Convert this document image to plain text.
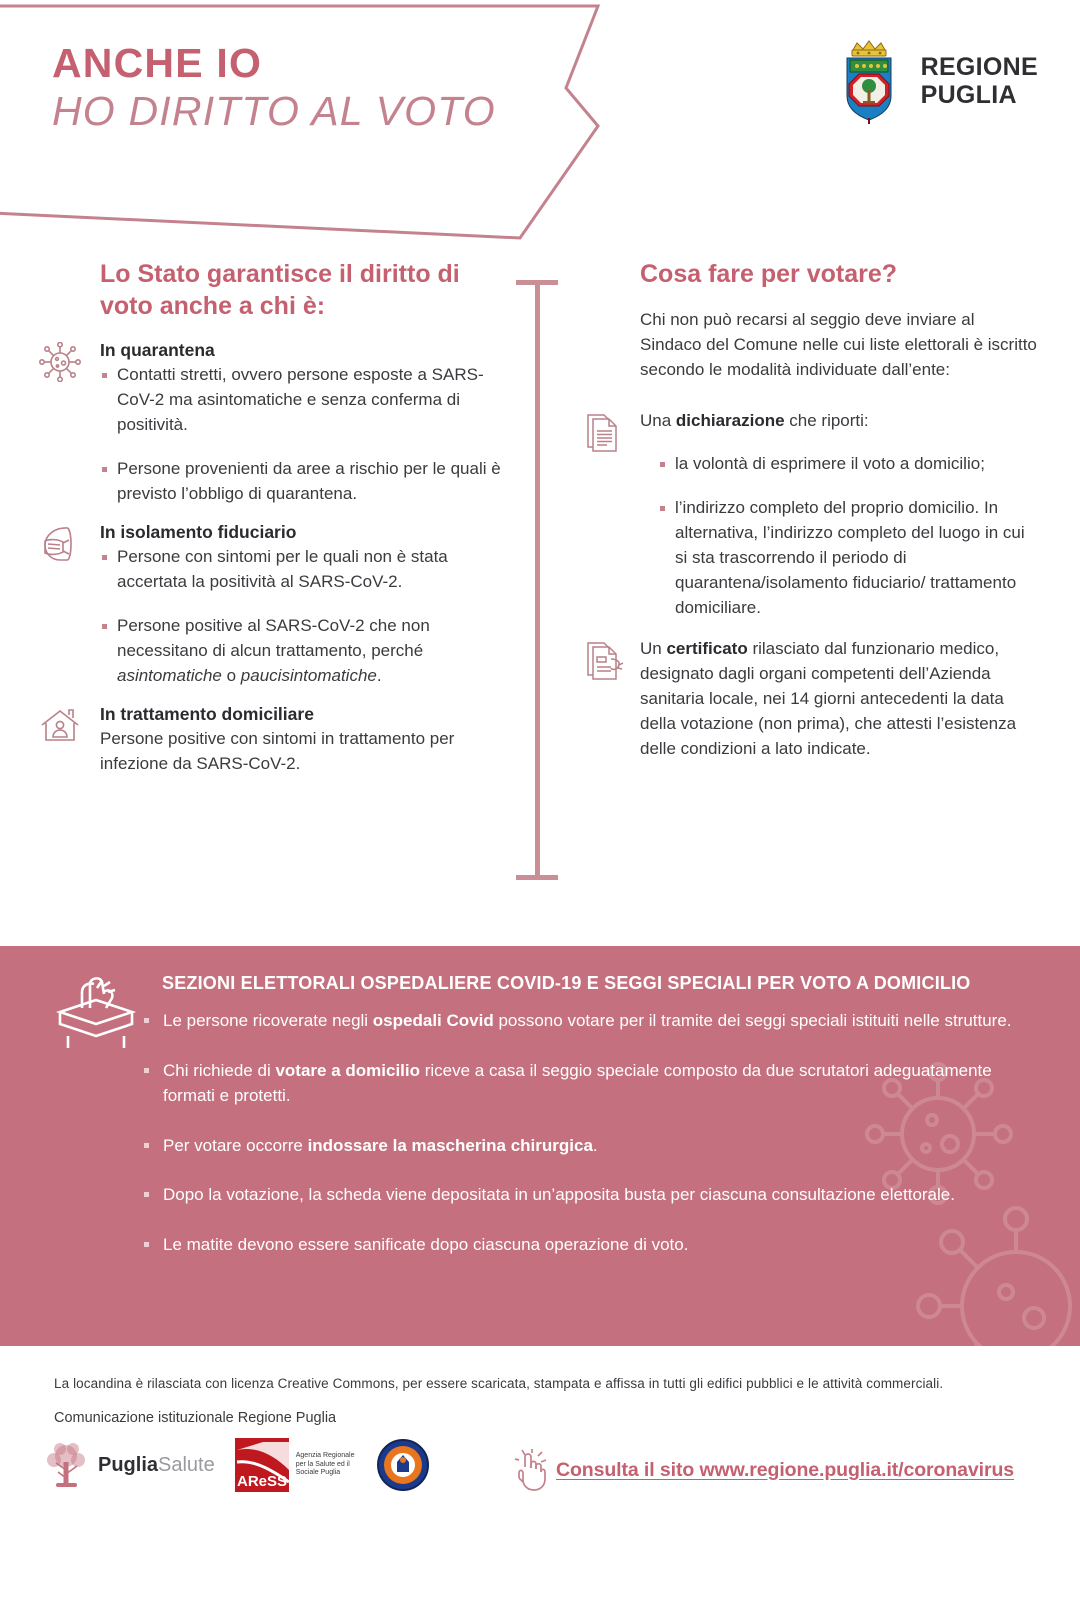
ANCHE IO
HO DIRITTO AL VOTO
REGIONE
PUGLIA
Lo Stato garantisce il diritto di voto anche a chi è:
In quarantena
Contatti stretti, ovvero persone esposte a SARS-CoV-2 ma asintomatiche e senza conferma di positività.
Persone provenienti da aree a rischio per le quali è previsto l’obbligo di quarantena.
In isolamento fiduciario
Persone con sintomi per le quali non è stata accertata la positività al SARS-CoV-2.
Persone positive al SARS-CoV-2 che non necessitano di alcun trattamento, perché asintomatiche o paucisintomatiche.
In trattamento domiciliare

Persone positive con sintomi in trattamento per infezione da SARS-CoV-2.

Cosa fare per votare?

Chi non può recarsi al seggio deve inviare al Sindaco del Comune nelle cui liste elettorali è iscritto secondo le modalità individuate dall’ente:

Una dichiarazione che riporti:

la volontà di esprimere il voto a domicilio;
l’indirizzo completo del proprio domicilio. In alternativa, l’indirizzo completo del luogo in cui si sta trascorrendo il periodo di quarantena/isolamento fiduciario/ trattamento domiciliare.

Un certificato rilasciato dal funzionario medico, designato dagli organi competenti dell’Azienda sanitaria locale, nei 14 giorni antecedenti la data della votazione (non prima), che attesti l’esistenza delle condizioni a lato indicate.

SEZIONI ELETTORALI OSPEDALIERE COVID-19 E SEGGI SPECIALI PER VOTO A DOMICILIO
Le persone ricoverate negli ospedali Covid possono votare per il tramite dei seggi speciali istituiti nelle strutture.
Chi richiede di votare a domicilio riceve a casa il seggio speciale composto da due scrutatori adeguatamente formati e protetti.
Per votare occorre indossare la mascherina chirurgica.
Dopo la votazione, la scheda viene depositata in un’apposita busta per ciascuna consultazione elettorale.
Le matite devono essere sanificate dopo ciascuna operazione di voto.
La locandina è rilasciata con licenza Creative Commons, per essere scaricata, stampata e affissa in tutti gli edifici pubblici e le attività commerciali.
Comunicazione istituzionale Regione Puglia
PugliaSalute
AReSS
Agenzia Regionale per la Salute ed il Sociale Puglia	Consulta il sito www.regione.puglia.it/coronavirus
